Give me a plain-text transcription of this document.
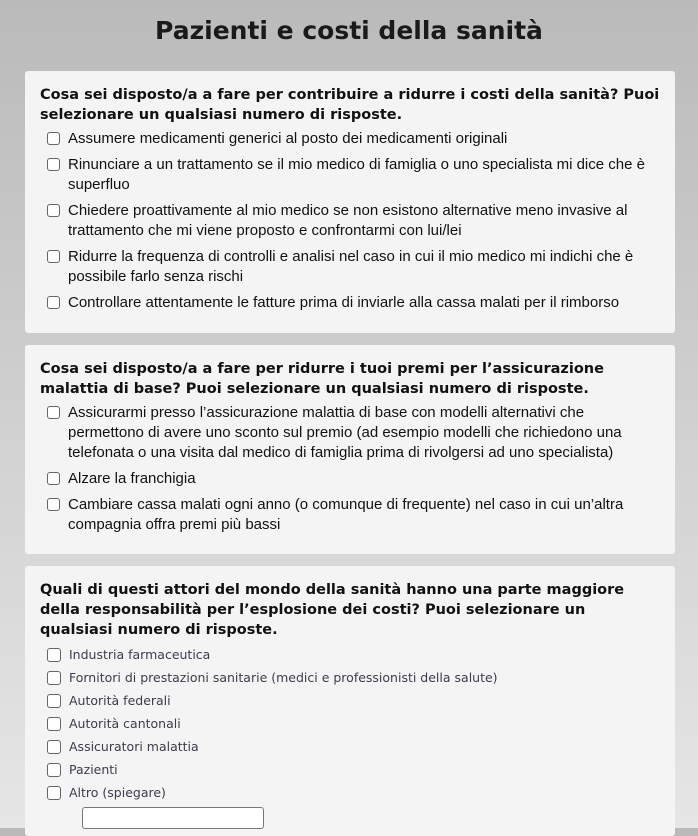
Pazienti e costi della sanità

Cosa sei disposto/a a fare per contribuire a ridurre i costi della sanità? Puoi selezionare un qualsiasi numero di risposte.

Assumere medicamenti generici al posto dei medicamenti originali
Rinunciare a un trattamento se il mio medico di famiglia o uno specialista mi dice che è superfluo
Chiedere proattivamente al mio medico se non esistono alternative meno invasive al trattamento che mi viene proposto e confrontarmi con lui/lei
Ridurre la frequenza di controlli e analisi nel caso in cui il mio medico mi indichi che è possibile farlo senza rischi
Controllare attentamente le fatture prima di inviarle alla cassa malati per il rimborso

Cosa sei disposto/a a fare per ridurre i tuoi premi per l’assicurazione malattia di base? Puoi selezionare un qualsiasi numero di risposte.

Assicurarmi presso l’assicurazione malattia di base con modelli alternativi che permettono di avere uno sconto sul premio (ad esempio modelli che richiedono una telefonata o una visita dal medico di famiglia prima di rivolgersi ad uno specialista)
Alzare la franchigia
Cambiare cassa malati ogni anno (o comunque di frequente) nel caso in cui un’altra compagnia offra premi più bassi

Quali di questi attori del mondo della sanità hanno una parte maggiore della responsabilità per l’esplosione dei costi? Puoi selezionare un qualsiasi numero di risposte.

Industria farmaceutica
Fornitori di prestazioni sanitarie (medici e professionisti della salute)
Autorità federali
Autorità cantonali
Assicuratori malattia
Pazienti
Altro (spiegare)
